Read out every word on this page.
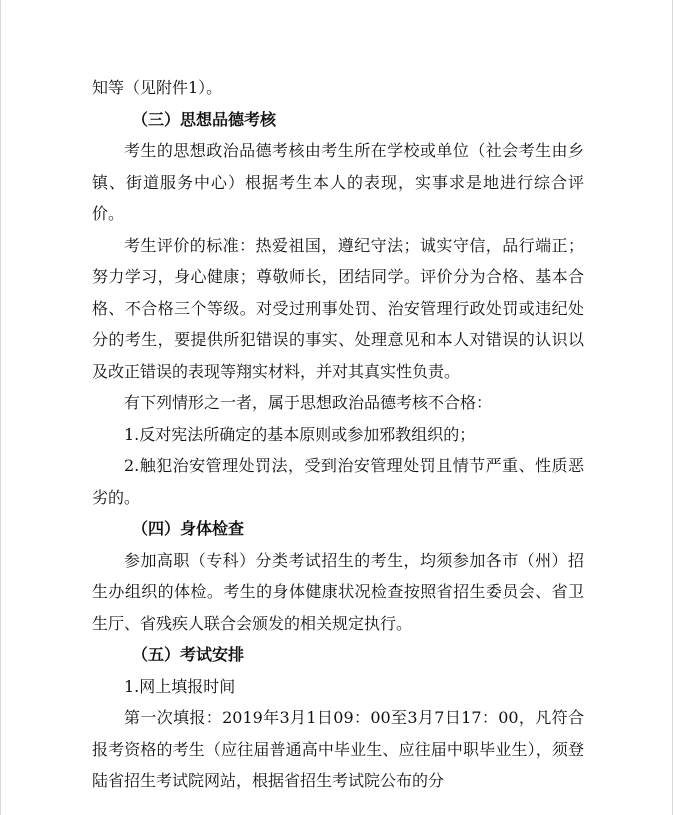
知等（见附件1）。

（三）思想品德考核

考生的思想政治品德考核由考生所在学校或单位（社会考生由乡镇、街道服务中心）根据考生本人的表现，实事求是地进行综合评价。

考生评价的标准：热爱祖国，遵纪守法；诚实守信，品行端正；努力学习，身心健康；尊敬师长，团结同学。评价分为合格、基本合格、不合格三个等级。对受过刑事处罚、治安管理行政处罚或违纪处分的考生，要提供所犯错误的事实、处理意见和本人对错误的认识以及改正错误的表现等翔实材料，并对其真实性负责。

有下列情形之一者，属于思想政治品德考核不合格：

1.反对宪法所确定的基本原则或参加邪教组织的；

2.触犯治安管理处罚法，受到治安管理处罚且情节严重、性质恶劣的。

（四）身体检查

参加高职（专科）分类考试招生的考生，均须参加各市（州）招生办组织的体检。考生的身体健康状况检查按照省招生委员会、省卫生厅、省残疾人联合会颁发的相关规定执行。

（五）考试安排

1.网上填报时间

第一次填报：2019年3月1日09：00至3月7日17：00，凡符合报考资格的考生（应往届普通高中毕业生、应往届中职毕业生），须登陆省招生考试院网站，根据省招生考试院公布的分
